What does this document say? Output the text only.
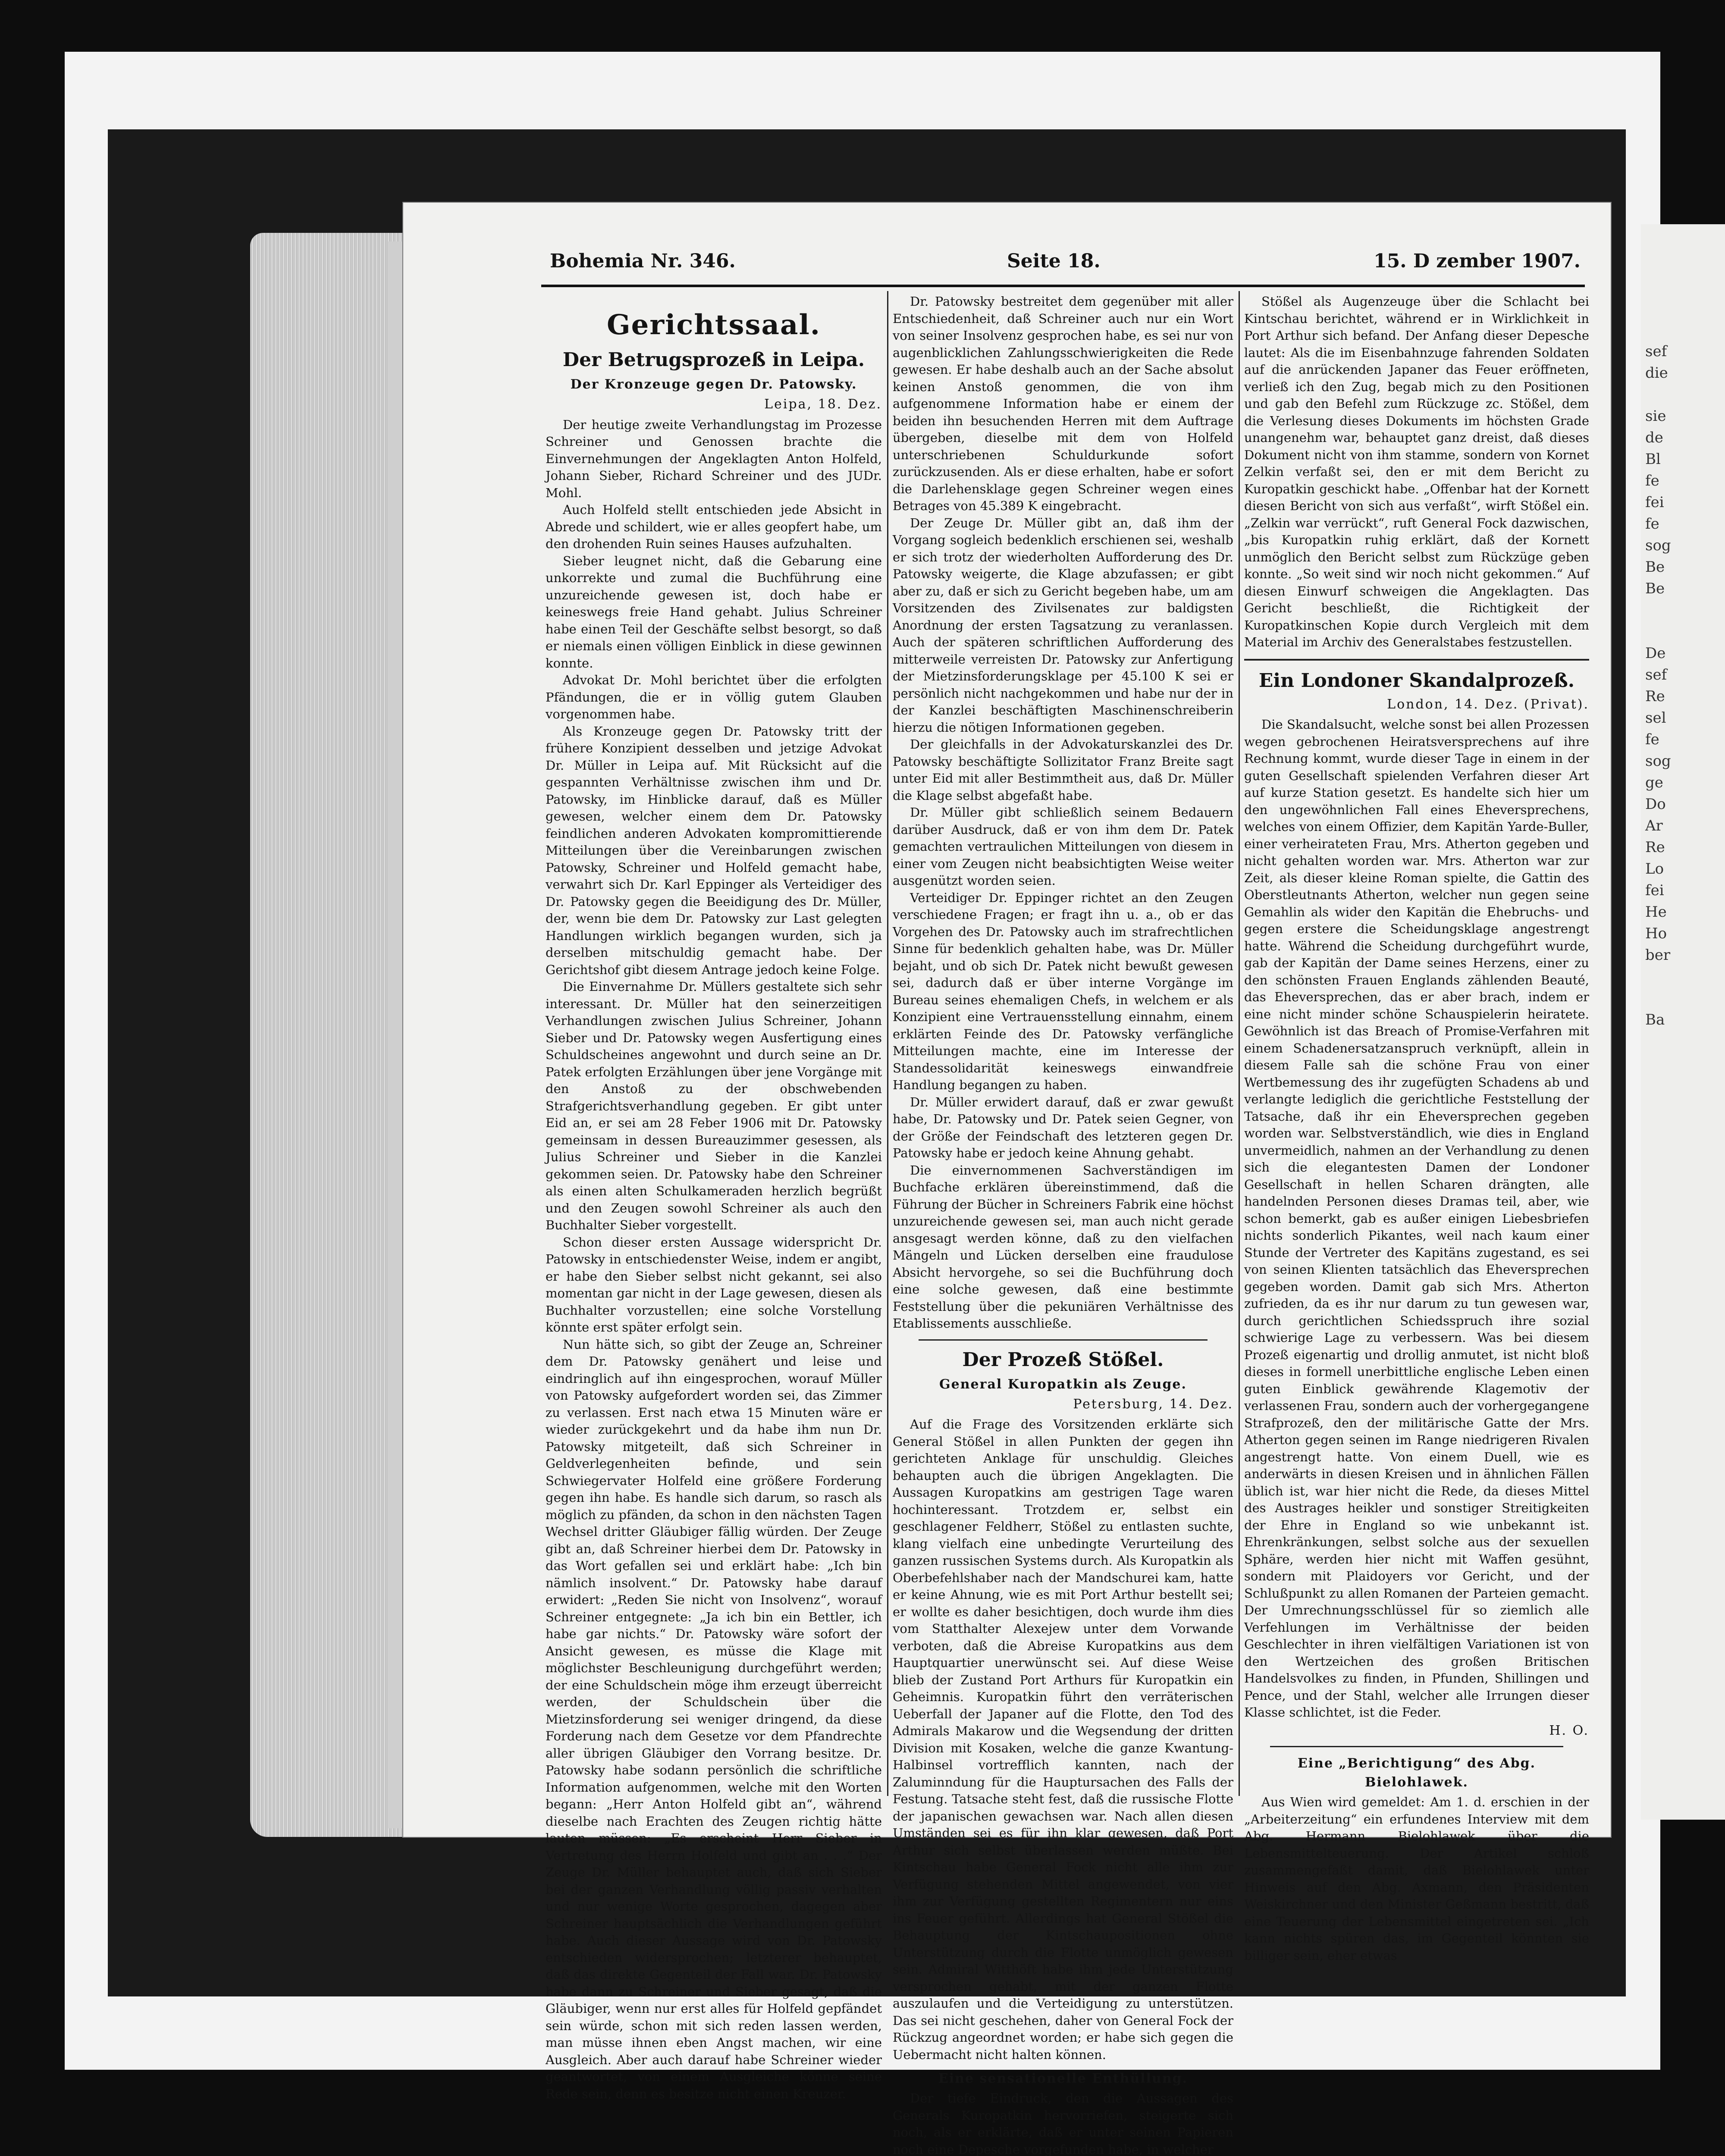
sef
die

sie
de
Bl
fe
fei
fe
sog
Be
Be

De
sef
Re
sel
fe
sog
ge
Do
Ar
Re
Lo
fei
He
Ho
ber

Ba
Bohemia Nr. 346.	Seite 18.	15. D zember 1907.
Gerichtssaal.
Der Betrugsprozeß in Leipa.
Der Kronzeuge gegen Dr. Patowsky.
Leipa, 18. Dez.

Der heutige zweite Verhandlungstag im Prozesse Schreiner und Genossen brachte die Einvernehmungen der Angeklagten Anton Holfeld, Johann Sieber, Richard Schreiner und des JUDr. Mohl.

Auch Holfeld stellt entschieden jede Absicht in Abrede und schildert, wie er alles geopfert habe, um den drohenden Ruin seines Hauses aufzuhalten.

Sieber leugnet nicht, daß die Gebarung eine unkorrekte und zumal die Buchführung eine unzureichende gewesen ist, doch habe er keineswegs freie Hand gehabt. Julius Schreiner habe einen Teil der Geschäfte selbst besorgt, so daß er niemals einen völligen Einblick in diese gewinnen konnte.

Advokat Dr. Mohl berichtet über die erfolgten Pfändungen, die er in völlig gutem Glauben vorgenommen habe.

Als Kronzeuge gegen Dr. Patowsky tritt der frühere Konzipient desselben und jetzige Advokat Dr. Müller in Leipa auf. Mit Rücksicht auf die gespannten Verhältnisse zwischen ihm und Dr. Patowsky, im Hinblicke darauf, daß es Müller gewesen, welcher einem dem Dr. Patowsky feindlichen anderen Advokaten kompromittierende Mitteilungen über die Vereinbarungen zwischen Patowsky, Schreiner und Holfeld gemacht habe, verwahrt sich Dr. Karl Eppinger als Verteidiger des Dr. Patowsky gegen die Beeidigung des Dr. Müller, der, wenn bie dem Dr. Patowsky zur Last gelegten Handlungen wirklich begangen wurden, sich ja derselben mitschuldig gemacht habe. Der Gerichtshof gibt diesem Antrage jedoch keine Folge.

Die Einvernahme Dr. Müllers gestaltete sich sehr interessant. Dr. Müller hat den seinerzeitigen Verhandlungen zwischen Julius Schreiner, Johann Sieber und Dr. Patowsky wegen Ausfertigung eines Schuldscheines angewohnt und durch seine an Dr. Patek erfolgten Erzählungen über jene Vorgänge mit den Anstoß zu der obschwebenden Strafgerichtsverhandlung gegeben. Er gibt unter Eid an, er sei am 28 Feber 1906 mit Dr. Patowsky gemeinsam in dessen Bureauzimmer gesessen, als Julius Schreiner und Sieber in die Kanzlei gekommen seien. Dr. Patowsky habe den Schreiner als einen alten Schulkameraden herzlich begrüßt und den Zeugen sowohl Schreiner als auch den Buchhalter Sieber vorgestellt.

Schon dieser ersten Aussage widerspricht Dr. Patowsky in entschiedenster Weise, indem er angibt, er habe den Sieber selbst nicht gekannt, sei also momentan gar nicht in der Lage gewesen, diesen als Buchhalter vorzustellen; eine solche Vorstellung könnte erst später erfolgt sein.

Nun hätte sich, so gibt der Zeuge an, Schreiner dem Dr. Patowsky genähert und leise und eindringlich auf ihn eingesprochen, worauf Müller von Patowsky aufgefordert worden sei, das Zimmer zu verlassen. Erst nach etwa 15 Minuten wäre er wieder zurückgekehrt und da habe ihm nun Dr. Patowsky mitgeteilt, daß sich Schreiner in Geldverlegenheiten befinde, und sein Schwiegervater Holfeld eine größere Forderung gegen ihn habe. Es handle sich darum, so rasch als möglich zu pfänden, da schon in den nächsten Tagen Wechsel dritter Gläubiger fällig würden. Der Zeuge gibt an, daß Schreiner hierbei dem Dr. Patowsky in das Wort gefallen sei und erklärt habe: „Ich bin nämlich insolvent.“ Dr. Patowsky habe darauf erwidert: „Reden Sie nicht von Insolvenz“, worauf Schreiner entgegnete: „Ja ich bin ein Bettler, ich habe gar nichts.“ Dr. Patowsky wäre sofort der Ansicht gewesen, es müsse die Klage mit möglichster Beschleunigung durchgeführt werden; der eine Schuldschein möge ihm erzeugt überreicht werden, der Schuldschein über die Mietzinsforderung sei weniger dringend, da diese Forderung nach dem Gesetze vor dem Pfandrechte aller übrigen Gläubiger den Vorrang besitze. Dr. Patowsky habe sodann persönlich die schriftliche Information aufgenommen, welche mit den Worten begann: „Herr Anton Holfeld gibt an“, während dieselbe nach Erachten des Zeugen richtig hätte lauten müssen: „Es erscheint Herr Sieber in Vertretung des Herrn Holfeld und gibt an . . .“ Der Zeuge Dr. Müller behauptet auch, daß sich Sieber bei der ganzen Verhandlung völlig passiv verhalten und nur wenige Worte gesprochen, dagegen aber Schreiner hauptsächlich die Verhandlungen geführt habe. Auch dieser Aussage wird von Dr. Patowsky entschieden widersprochen; letzterer behauptet, daß das direkte Gegenteil der Fall war. Dr. Patowsky habe dann zu Schreiner und Sieber gesagt, daß die Gläubiger, wenn nur erst alles für Holfeld gepfändet sein würde, schon mit sich reden lassen werden, man müsse ihnen eben Angst machen, wir eine Ausgleich. Aber auch darauf habe Schreiner wieder geantwortet, von einem Ausgleiche könne seine Rede sein, denn es besitze nicht einen Kreuzer.

Dr. Patowsky bestreitet dem gegenüber mit aller Entschiedenheit, daß Schreiner auch nur ein Wort von seiner Insolvenz gesprochen habe, es sei nur von augenblicklichen Zahlungsschwierigkeiten die Rede gewesen. Er habe deshalb auch an der Sache absolut keinen Anstoß genommen, die von ihm aufgenommene Information habe er einem der beiden ihn besuchenden Herren mit dem Auftrage übergeben, dieselbe mit dem von Holfeld unterschriebenen Schuldurkunde sofort zurückzusenden. Als er diese erhalten, habe er sofort die Darlehensklage gegen Schreiner wegen eines Betrages von 45.389 K eingebracht.

Der Zeuge Dr. Müller gibt an, daß ihm der Vorgang sogleich bedenklich erschienen sei, weshalb er sich trotz der wiederholten Aufforderung des Dr. Patowsky weigerte, die Klage abzufassen; er gibt aber zu, daß er sich zu Gericht begeben habe, um am Vorsitzenden des Zivilsenates zur baldigsten Anordnung der ersten Tagsatzung zu veranlassen. Auch der späteren schriftlichen Aufforderung des mitterweile verreisten Dr. Patowsky zur Anfertigung der Mietzinsforderungsklage per 45.100 K sei er persönlich nicht nachgekommen und habe nur der in der Kanzlei beschäftigten Maschinenschreiberin hierzu die nötigen Informationen gegeben.

Der gleichfalls in der Advokaturskanzlei des Dr. Patowsky beschäftigte Sollizitator Franz Breite sagt unter Eid mit aller Bestimmtheit aus, daß Dr. Müller die Klage selbst abgefaßt habe.

Dr. Müller gibt schließlich seinem Bedauern darüber Ausdruck, daß er von ihm dem Dr. Patek gemachten vertraulichen Mitteilungen von diesem in einer vom Zeugen nicht beabsichtigten Weise weiter ausgenützt worden seien.

Verteidiger Dr. Eppinger richtet an den Zeugen verschiedene Fragen; er fragt ihn u. a., ob er das Vorgehen des Dr. Patowsky auch im strafrechtlichen Sinne für bedenklich gehalten habe, was Dr. Müller bejaht, und ob sich Dr. Patek nicht bewußt gewesen sei, dadurch daß er über interne Vorgänge im Bureau seines ehemaligen Chefs, in welchem er als Konzipient eine Vertrauensstellung einnahm, einem erklärten Feinde des Dr. Patowsky verfängliche Mitteilungen machte, eine im Interesse der Standessolidarität keineswegs einwandfreie Handlung begangen zu haben.

Dr. Müller erwidert darauf, daß er zwar gewußt habe, Dr. Patowsky und Dr. Patek seien Gegner, von der Größe der Feindschaft des letzteren gegen Dr. Patowsky habe er jedoch keine Ahnung gehabt.

Die einvernommenen Sachverständigen im Buchfache erklären übereinstimmend, daß die Führung der Bücher in Schreiners Fabrik eine höchst unzureichende gewesen sei, man auch nicht gerade ansgesagt werden könne, daß zu den vielfachen Mängeln und Lücken derselben eine fraudulose Absicht hervorgehe, so sei die Buchführung doch eine solche gewesen, daß eine bestimmte Feststellung über die pekuniären Verhältnisse des Etablissements ausschließe.

Der Prozeß Stößel.
General Kuropatkin als Zeuge.
Petersburg, 14. Dez.

Auf die Frage des Vorsitzenden erklärte sich General Stößel in allen Punkten der gegen ihn gerichteten Anklage für unschuldig. Gleiches behaupten auch die übrigen Angeklagten. Die Aussagen Kuropatkins am gestrigen Tage waren hochinteressant. Trotzdem er, selbst ein geschlagener Feldherr, Stößel zu entlasten suchte, klang vielfach eine unbedingte Verurteilung des ganzen russischen Systems durch. Als Kuropatkin als Oberbefehlshaber nach der Mandschurei kam, hatte er keine Ahnung, wie es mit Port Arthur bestellt sei; er wollte es daher besichtigen, doch wurde ihm dies vom Statthalter Alexejew unter dem Vorwande verboten, daß die Abreise Kuropatkins aus dem Hauptquartier unerwünscht sei. Auf diese Weise blieb der Zustand Port Arthurs für Kuropatkin ein Geheimnis. Kuropatkin führt den verräterischen Ueberfall der Japaner auf die Flotte, den Tod des Admirals Makarow und die Wegsendung der dritten Division mit Kosaken, welche die ganze Kwantung-Halbinsel vortrefflich kannten, nach der Zaluminndung für die Hauptursachen des Falls der Festung. Tatsache steht fest, daß die russische Flotte der japanischen gewachsen war. Nach allen diesen Umständen sei es für ihn klar gewesen, daß Port Arthur sich selbst überlassen werden müßte. Bei Kintschau habe General Fock nicht alle ihm zur Verfügung stehenden Mittel angewendet, von vier ihm zur Verfügung gestellten Regimentern nur eins ins Feuer geführt. Allerdings hat General Stößel die Behauptung der Kintschaupositionen ohne Unterstützung durch die Flotte unmöglich gewesen sein. Admiral Witthöft habe ihm jede Unterstützung versprochen gehabt, mit der ganzen Flotte auszulaufen und die Verteidigung zu unterstützen. Das sei nicht geschehen, daher von General Fock der Rückzug angeordnet worden; er habe sich gegen die Uebermacht nicht halten können.

Eine sensationelle Enthüllung.

Der tiefe Eindruck, den die Aussagen des Generals Kuropatkin hervorriefen, steigerte sich noch, als er erklärte, daß er unter seinen Papieren noch eine Depesche vorgefunden habe, in welcher

Stößel als Augenzeuge über die Schlacht bei Kintschau berichtet, während er in Wirklichkeit in Port Arthur sich befand. Der Anfang dieser Depesche lautet: Als die im Eisenbahnzuge fahrenden Soldaten auf die anrückenden Japaner das Feuer eröffneten, verließ ich den Zug, begab mich zu den Positionen und gab den Befehl zum Rückzuge zc. Stößel, dem die Verlesung dieses Dokuments im höchsten Grade unangenehm war, behauptet ganz dreist, daß dieses Dokument nicht von ihm stamme, sondern von Kornet Zelkin verfaßt sei, den er mit dem Bericht zu Kuropatkin geschickt habe. „Offenbar hat der Kornett diesen Bericht von sich aus verfaßt“, wirft Stößel ein. „Zelkin war verrückt“, ruft General Fock dazwischen, „bis Kuropatkin ruhig erklärt, daß der Kornett unmöglich den Bericht selbst zum Rückzüge geben konnte. „So weit sind wir noch nicht gekommen.“ Auf diesen Einwurf schweigen die Angeklagten. Das Gericht beschließt, die Richtigkeit der Kuropatkinschen Kopie durch Vergleich mit dem Material im Archiv des Generalstabes festzustellen.

Ein Londoner Skandalprozeß.
London, 14. Dez. (Privat).

Die Skandalsucht, welche sonst bei allen Prozessen wegen gebrochenen Heiratsversprechens auf ihre Rechnung kommt, wurde dieser Tage in einem in der guten Gesellschaft spielenden Verfahren dieser Art auf kurze Station gesetzt. Es handelte sich hier um den ungewöhnlichen Fall eines Eheversprechens, welches von einem Offizier, dem Kapitän Yarde-Buller, einer verheirateten Frau, Mrs. Atherton gegeben und nicht gehalten worden war. Mrs. Atherton war zur Zeit, als dieser kleine Roman spielte, die Gattin des Oberstleutnants Atherton, welcher nun gegen seine Gemahlin als wider den Kapitän die Ehebruchs- und gegen erstere die Scheidungsklage angestrengt hatte. Während die Scheidung durchgeführt wurde, gab der Kapitän der Dame seines Herzens, einer zu den schönsten Frauen Englands zählenden Beauté, das Eheversprechen, das er aber brach, indem er eine nicht minder schöne Schauspielerin heiratete. Gewöhnlich ist das Breach of Promise-Verfahren mit einem Schadenersatzanspruch verknüpft, allein in diesem Falle sah die schöne Frau von einer Wertbemessung des ihr zugefügten Schadens ab und verlangte lediglich die gerichtliche Feststellung der Tatsache, daß ihr ein Eheversprechen gegeben worden war. Selbstverständlich, wie dies in England unvermeidlich, nahmen an der Verhandlung zu denen sich die elegantesten Damen der Londoner Gesellschaft in hellen Scharen drängten, alle handelnden Personen dieses Dramas teil, aber, wie schon bemerkt, gab es außer einigen Liebesbriefen nichts sonderlich Pikantes, weil nach kaum einer Stunde der Vertreter des Kapitäns zugestand, es sei von seinen Klienten tatsächlich das Eheversprechen gegeben worden. Damit gab sich Mrs. Atherton zufrieden, da es ihr nur darum zu tun gewesen war, durch gerichtlichen Schiedsspruch ihre sozial schwierige Lage zu verbessern. Was bei diesem Prozeß eigenartig und drollig anmutet, ist nicht bloß dieses in formell unerbittliche englische Leben einen guten Einblick gewährende Klagemotiv der verlassenen Frau, sondern auch der vorhergegangene Strafprozeß, den der militärische Gatte der Mrs. Atherton gegen seinen im Range niedrigeren Rivalen angestrengt hatte. Von einem Duell, wie es anderwärts in diesen Kreisen und in ähnlichen Fällen üblich ist, war hier nicht die Rede, da dieses Mittel des Austrages heikler und sonstiger Streitigkeiten der Ehre in England so wie unbekannt ist. Ehrenkränkungen, selbst solche aus der sexuellen Sphäre, werden hier nicht mit Waffen gesühnt, sondern mit Plaidoyers vor Gericht, und der Schlußpunkt zu allen Romanen der Parteien gemacht. Der Umrechnungsschlüssel für so ziemlich alle Verfehlungen im Verhältnisse der beiden Geschlechter in ihren vielfältigen Variationen ist von den Wertzeichen des großen Britischen Handelsvolkes zu finden, in Pfunden, Shillingen und Pence, und der Stahl, welcher alle Irrungen dieser Klasse schlichtet, ist die Feder.

H. O.
Eine „Berichtigung“ des Abg. Bielohlawek.

Aus Wien wird gemeldet: Am 1. d. erschien in der „Arbeiterzeitung“ ein erfundenes Interview mit dem Abg. Hermann Bielohlawek über die Lebensmittelteuerung. Der Artikel schloß zusammengefaßt damit, daß Bielohlawek unter Hinweis auf den Abg. Axmann, den Präsidenten Weiskirchner und den Minister Geßmann bestritt, daß eine Teuerung der Lebensmittel eingetreten sei. „Ich kann nichts spüren das, im Gegenteil könnten sie billiger sein, eher etwas
